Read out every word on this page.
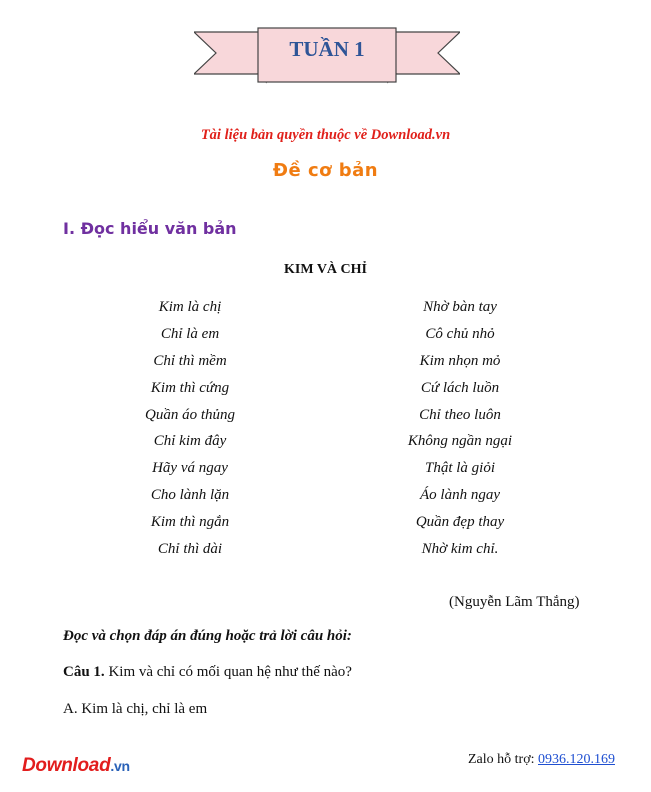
TUẦN 1
Tài liệu bản quyền thuộc về Download.vn
Đề cơ bản
I. Đọc hiểu văn bản
KIM VÀ CHỈ
Kim là chị
Chỉ là em
Chỉ thì mềm
Kim thì cứng
Quần áo thủng
Chỉ kim đây
Hãy vá ngay
Cho lành lặn
Kim thì ngắn
Chỉ thì dài
Nhờ bàn tay
Cô chủ nhỏ
Kim nhọn mỏ
Cứ lách luồn
Chỉ theo luôn
Không ngần ngại
Thật là giỏi
Áo lành ngay
Quần đẹp thay
Nhờ kim chỉ.
(Nguyễn Lãm Thắng)
Đọc và chọn đáp án đúng hoặc trả lời câu hỏi:
Câu 1. Kim và chỉ có mối quan hệ như thế nào?
A. Kim là chị, chỉ là em
Download.vn	Zalo hỗ trợ: 0936.120.169
